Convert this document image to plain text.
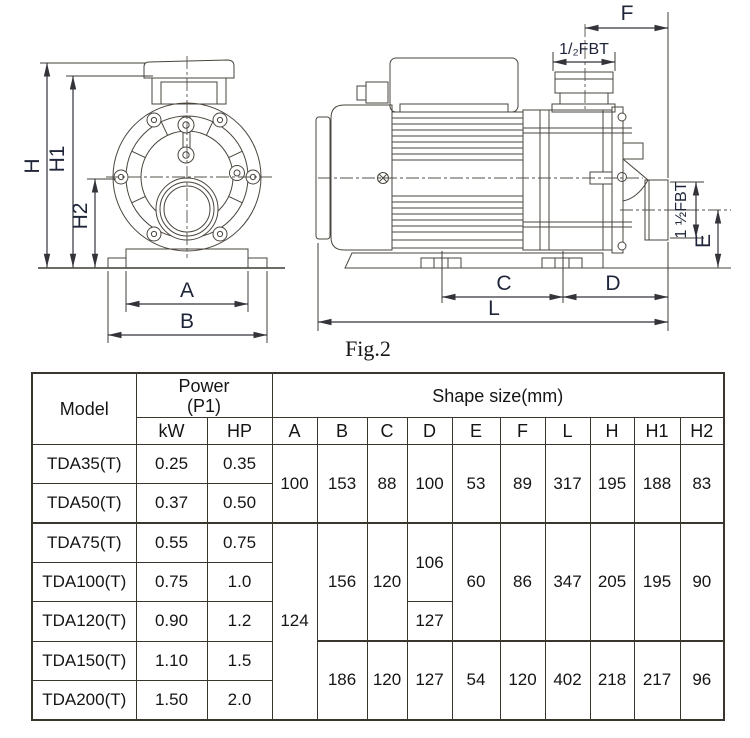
H H1
H2
A
B
F
1/₂FBT
1 ½FBT
E
C	D
L
Fig.2
Model	Power
(P1)		Shape size(mm)									
	kW	HP	A	B	C	D	E	F	L	H	H1	H2
TDA35(T)	0.25	0.35	100	153	88	100	53	89	317	195	188	83
TDA50(T)	0.37	0.50										
TDA75(T)	0.55	0.75	124	156	120	106	60	86	347	205	195	90
TDA100(T)	0.75	1.0										
TDA120(T)	0.90	1.2				127						
TDA150(T)	1.10	1.5		186	120	127	54	120	402	218	217	96
TDA200(T)	1.50	2.0										
